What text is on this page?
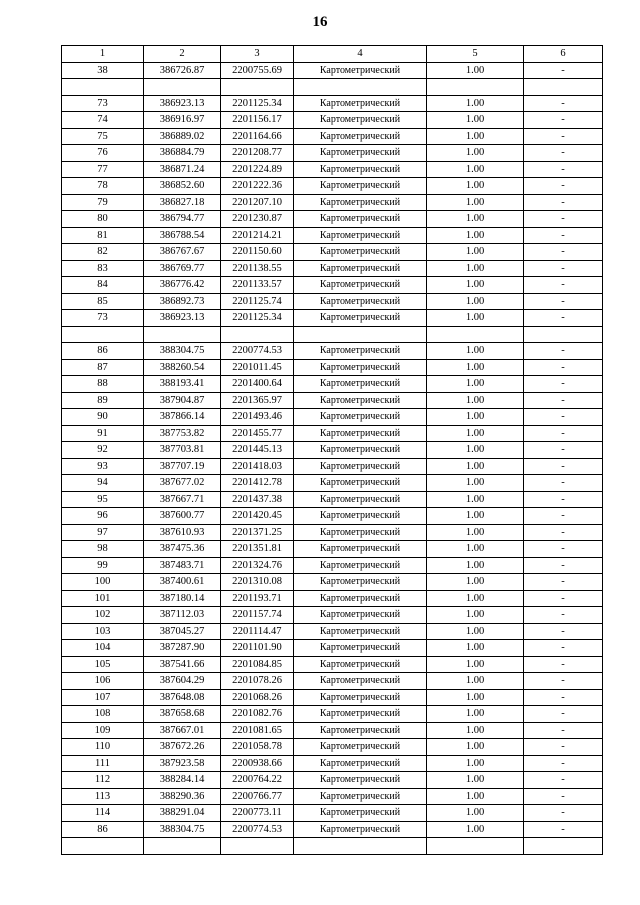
16
1	2	3	4	5	6
38	386726.87	2200755.69	Картометрический	1.00	-

73	386923.13	2201125.34	Картометрический	1.00	-
74	386916.97	2201156.17	Картометрический	1.00	-
75	386889.02	2201164.66	Картометрический	1.00	-
76	386884.79	2201208.77	Картометрический	1.00	-
77	386871.24	2201224.89	Картометрический	1.00	-
78	386852.60	2201222.36	Картометрический	1.00	-
79	386827.18	2201207.10	Картометрический	1.00	-
80	386794.77	2201230.87	Картометрический	1.00	-
81	386788.54	2201214.21	Картометрический	1.00	-
82	386767.67	2201150.60	Картометрический	1.00	-
83	386769.77	2201138.55	Картометрический	1.00	-
84	386776.42	2201133.57	Картометрический	1.00	-
85	386892.73	2201125.74	Картометрический	1.00	-
73	386923.13	2201125.34	Картометрический	1.00	-

86	388304.75	2200774.53	Картометрический	1.00	-
87	388260.54	2201011.45	Картометрический	1.00	-
88	388193.41	2201400.64	Картометрический	1.00	-
89	387904.87	2201365.97	Картометрический	1.00	-
90	387866.14	2201493.46	Картометрический	1.00	-
91	387753.82	2201455.77	Картометрический	1.00	-
92	387703.81	2201445.13	Картометрический	1.00	-
93	387707.19	2201418.03	Картометрический	1.00	-
94	387677.02	2201412.78	Картометрический	1.00	-
95	387667.71	2201437.38	Картометрический	1.00	-
96	387600.77	2201420.45	Картометрический	1.00	-
97	387610.93	2201371.25	Картометрический	1.00	-
98	387475.36	2201351.81	Картометрический	1.00	-
99	387483.71	2201324.76	Картометрический	1.00	-
100	387400.61	2201310.08	Картометрический	1.00	-
101	387180.14	2201193.71	Картометрический	1.00	-
102	387112.03	2201157.74	Картометрический	1.00	-
103	387045.27	2201114.47	Картометрический	1.00	-
104	387287.90	2201101.90	Картометрический	1.00	-
105	387541.66	2201084.85	Картометрический	1.00	-
106	387604.29	2201078.26	Картометрический	1.00	-
107	387648.08	2201068.26	Картометрический	1.00	-
108	387658.68	2201082.76	Картометрический	1.00	-
109	387667.01	2201081.65	Картометрический	1.00	-
110	387672.26	2201058.78	Картометрический	1.00	-
111	387923.58	2200938.66	Картометрический	1.00	-
112	388284.14	2200764.22	Картометрический	1.00	-
113	388290.36	2200766.77	Картометрический	1.00	-
114	388291.04	2200773.11	Картометрический	1.00	-
86	388304.75	2200774.53	Картометрический	1.00	-
